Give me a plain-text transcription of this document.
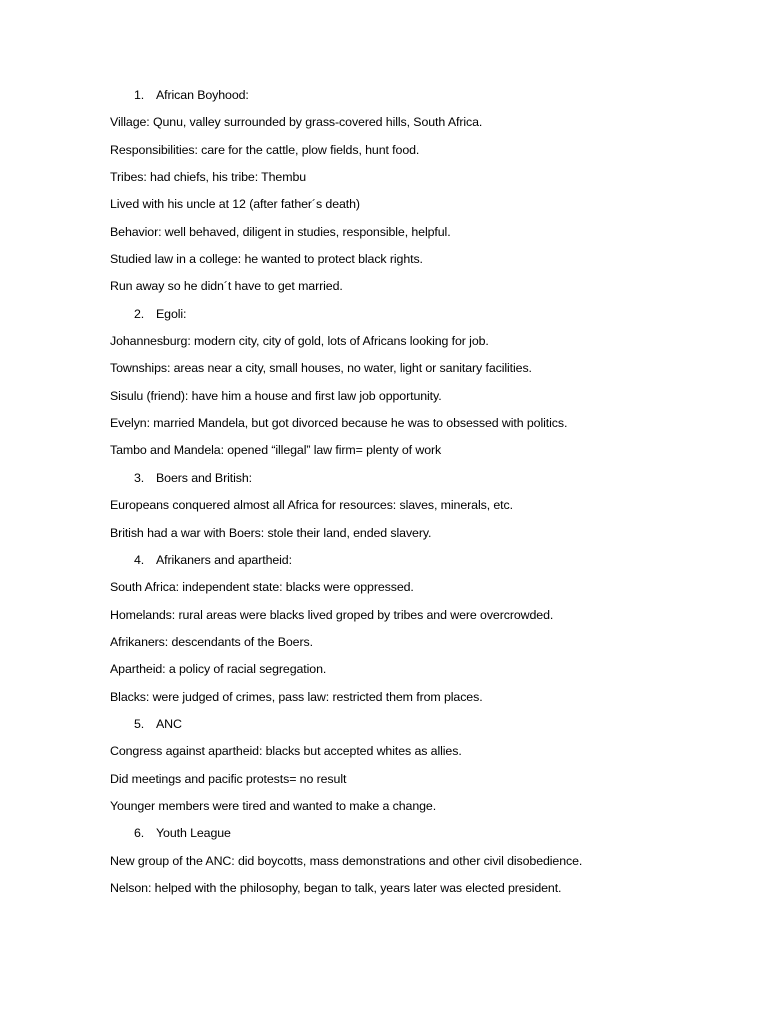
1. African Boyhood:
Village: Qunu, valley surrounded by grass-covered hills, South Africa.
Responsibilities: care for the cattle, plow fields, hunt food.
Tribes: had chiefs, his tribe: Thembu
Lived with his uncle at 12 (after father´s death)
Behavior: well behaved, diligent in studies, responsible, helpful.
Studied law in a college: he wanted to protect black rights.
Run away so he didn´t have to get married.
2. Egoli:
Johannesburg: modern city, city of gold, lots of Africans looking for job.
Townships: areas near a city, small houses, no water, light or sanitary facilities.
Sisulu (friend): have him a house and first law job opportunity.
Evelyn: married Mandela, but got divorced because he was to obsessed with politics.
Tambo and Mandela: opened “illegal” law firm= plenty of work
3. Boers and British:
Europeans conquered almost all Africa for resources: slaves, minerals, etc.
British had a war with Boers: stole their land, ended slavery.
4. Afrikaners and apartheid:
South Africa: independent state: blacks were oppressed.
Homelands: rural areas were blacks lived groped by tribes and were overcrowded.
Afrikaners: descendants of the Boers.
Apartheid: a policy of racial segregation.
Blacks: were judged of crimes, pass law: restricted them from places.
5. ANC
Congress against apartheid: blacks but accepted whites as allies.
Did meetings and pacific protests= no result
Younger members were tired and wanted to make a change.
6. Youth League
New group of the ANC: did boycotts, mass demonstrations and other civil disobedience.
Nelson: helped with the philosophy, began to talk, years later was elected president.
